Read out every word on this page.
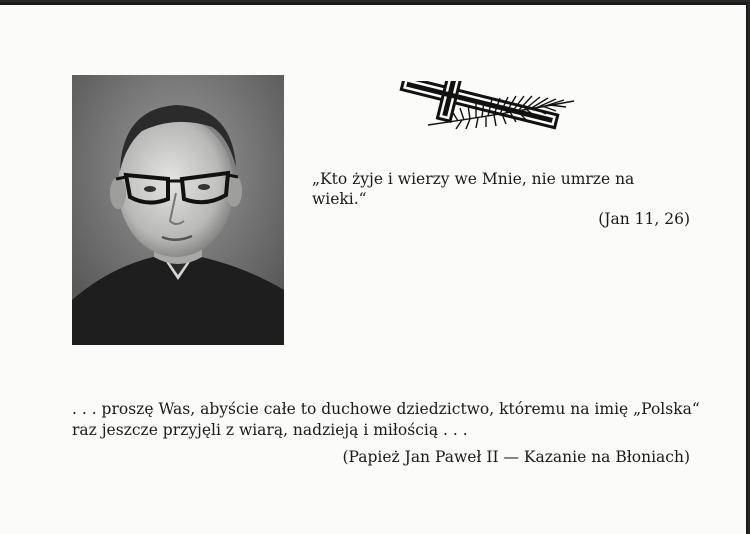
„Kto żyje i wierzy we Mnie, nie umrze na wieki.“
(Jan 11, 26)
. . . proszę Was, abyście całe to duchowe dziedzictwo, któremu na imię „Polska“
raz jeszcze przyjęli z wiarą, nadzieją i miłością . . .
(Papież Jan Paweł II — Kazanie na Błoniach)
